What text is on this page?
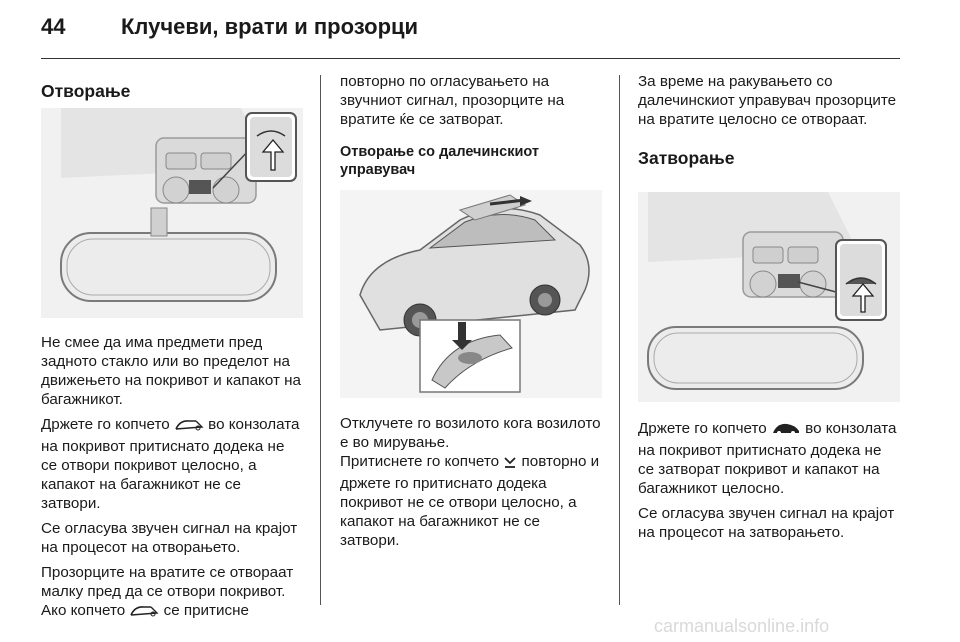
44	Клучеви, врати и прозорци
Отворање

Не смее да има предмети пред задното стакло или во пределот на движењето на покривот и капакот на багажникот.

Држете го копчето  во конзолата на покривот притиснато додека не се отвори покривот целосно, а капакот на багажникот не се затвори.

Се огласува звучен сигнал на крајот на процесот на отворањето.

Прозорците на вратите се отвораат малку пред да се отвори покривот.

Ако копчето  се притисне

повторно по огласувањето на звучниот сигнал, прозорците на вратите ќе се затворат.

Отворање со далечинскиот управувач

Отклучете го возилото кога возилото е во мирување.

Притиснете го копчето  повторно и држете го притиснато додека покривот не се отвори целосно, а капакот на багажникот не се затвори.

За време на ракувањето со далечинскиот управувач прозорците на вратите целосно се отвораат.

Затворање

Држете го копчето  во конзолата на покривот притиснато додека не се затворат покривот и капакот на багажникот целосно.

Се огласува звучен сигнал на крајот на процесот на затворањето.

carmanualsonline.info
